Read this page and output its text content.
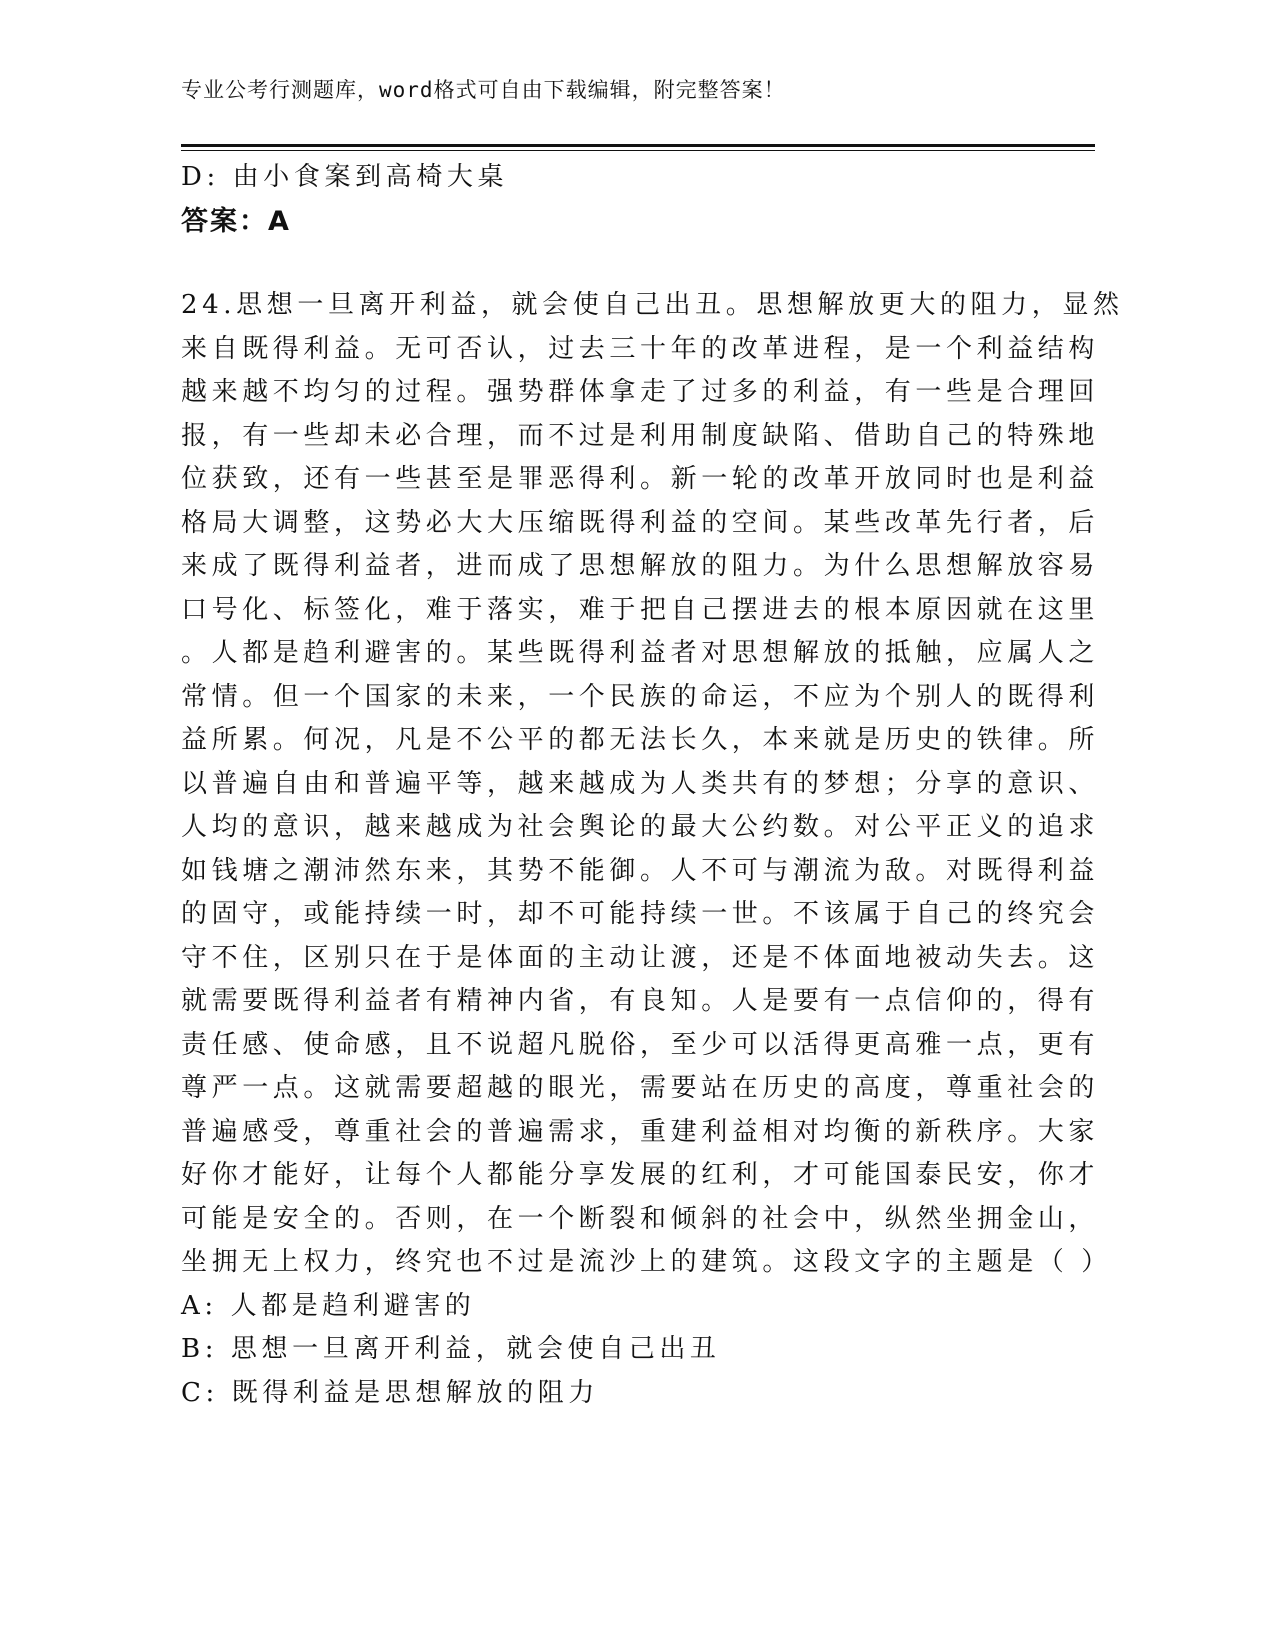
专业公考行测题库，word格式可自由下载编辑，附完整答案！
D: 由小食案到高椅大桌
答案：A
24.思想一旦离开利益，就会使自己出丑。思想解放更大的阻力，显然
来自既得利益。无可否认，过去三十年的改革进程，是一个利益结构
越来越不均匀的过程。强势群体拿走了过多的利益，有一些是合理回
报，有一些却未必合理，而不过是利用制度缺陷、借助自己的特殊地
位获致，还有一些甚至是罪恶得利。新一轮的改革开放同时也是利益
格局大调整，这势必大大压缩既得利益的空间。某些改革先行者，后
来成了既得利益者，进而成了思想解放的阻力。为什么思想解放容易
口号化、标签化，难于落实，难于把自己摆进去的根本原因就在这里
。人都是趋利避害的。某些既得利益者对思想解放的抵触，应属人之
常情。但一个国家的未来，一个民族的命运，不应为个别人的既得利
益所累。何况，凡是不公平的都无法长久，本来就是历史的铁律。所
以普遍自由和普遍平等，越来越成为人类共有的梦想；分享的意识、
人均的意识，越来越成为社会舆论的最大公约数。对公平正义的追求
如钱塘之潮沛然东来，其势不能御。人不可与潮流为敌。对既得利益
的固守，或能持续一时，却不可能持续一世。不该属于自己的终究会
守不住，区别只在于是体面的主动让渡，还是不体面地被动失去。这
就需要既得利益者有精神内省，有良知。人是要有一点信仰的，得有
责任感、使命感，且不说超凡脱俗，至少可以活得更高雅一点，更有
尊严一点。这就需要超越的眼光，需要站在历史的高度，尊重社会的
普遍感受，尊重社会的普遍需求，重建利益相对均衡的新秩序。大家
好你才能好，让每个人都能分享发展的红利，才可能国泰民安，你才
可能是安全的。否则，在一个断裂和倾斜的社会中，纵然坐拥金山，
坐拥无上权力，终究也不过是流沙上的建筑。这段文字的主题是（ ）
A: 人都是趋利避害的
B: 思想一旦离开利益，就会使自己出丑
C: 既得利益是思想解放的阻力
